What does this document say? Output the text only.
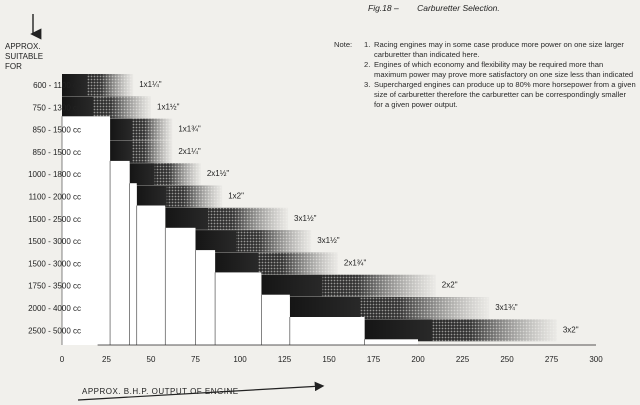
Fig.18 – Carburetter Selection.
APPROX.
SUITABLE
FOR
Note: 1. Racing engines may in some case produce more power on one size larger carburetter than indicated here.
2. Engines of which economy and flexibility may be required more than maximum power may prove more satisfactory on one size less than indicated
3. Supercharged engines can produce up to 80% more horsepower from a given size of carburetter therefore the carburetter can be correspondingly smaller for a given power output.
1x1¼"
1x1½"
1x1¾"
2x1¼"
2x1½"
1x2"
3x1½"
3x1½"
2x1¾"
2x2"
3x1¾"
3x2"
600 - 1100 cc
750 - 1300 cc
850 - 1500 cc
850 - 1500 cc
1000 - 1800 cc
1100 - 2000 cc
1500 - 2500 cc
1500 - 3000 cc
1500 - 3000 cc
1750 - 3500 cc
2000 - 4000 cc
2500 - 5000 cc
0	25	50	75	100	125	150	175	200	225	250	275	300
APPROX. B.H.P. OUTPUT OF ENGINE
